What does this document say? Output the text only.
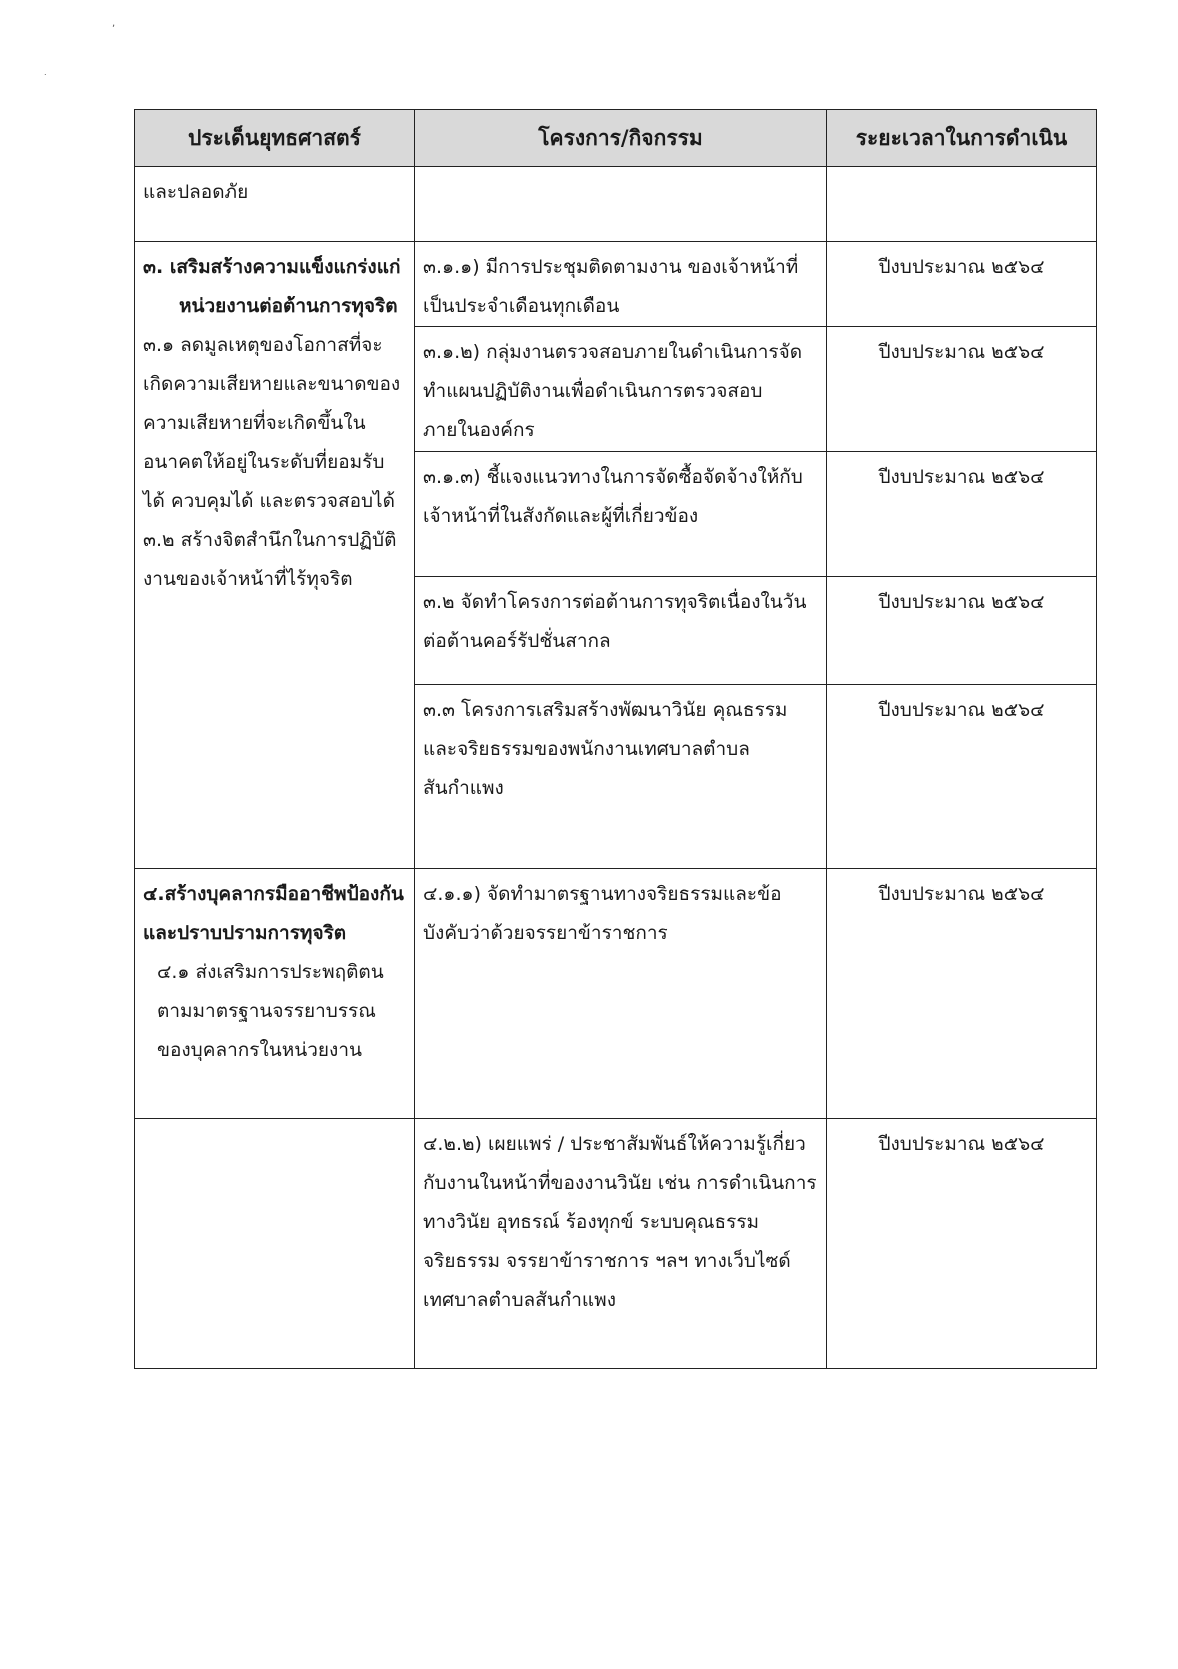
,
.
ประเด็นยุทธศาสตร์	โครงการ/กิจกรรม	ระยะเวลาในการดำเนิน
และปลอดภัย		

๓. เสริมสร้างความแข็งแกร่งแก่หน่วยงานต่อต้านการทุจริต
๓.๑ ลดมูลเหตุของโอกาสที่จะเกิดความเสียหายและขนาดของความเสียหายที่จะเกิดขึ้นในอนาคตให้อยู่ในระดับที่ยอมรับได้ ควบคุมได้ และตรวจสอบได้
๓.๒ สร้างจิตสำนึกในการปฏิบัติงานของเจ้าหน้าที่ไร้ทุจริต	๓.๑.๑) มีการประชุมติดตามงาน ของเจ้าหน้าที่เป็นประจำเดือนทุกเดือน	ปีงบประมาณ ๒๕๖๔
	๓.๑.๒) กลุ่มงานตรวจสอบภายในดำเนินการจัดทำแผนปฏิบัติงานเพื่อดำเนินการตรวจสอบภายในองค์กร	ปีงบประมาณ ๒๕๖๔
	๓.๑.๓) ชี้แจงแนวทางในการจัดซื้อจัดจ้างให้กับเจ้าหน้าที่ในสังกัดและผู้ที่เกี่ยวข้อง	ปีงบประมาณ ๒๕๖๔
	๓.๒ จัดทำโครงการต่อต้านการทุจริตเนื่องในวันต่อต้านคอร์รัปชั่นสากล	ปีงบประมาณ ๒๕๖๔
	๓.๓ โครงการเสริมสร้างพัฒนาวินัย คุณธรรมและจริยธรรมของพนักงานเทศบาลตำบลสันกำแพง	ปีงบประมาณ ๒๕๖๔

๔.สร้างบุคลากรมืออาชีพป้องกันและปราบปรามการทุจริต
๔.๑ ส่งเสริมการประพฤติตนตามมาตรฐานจรรยาบรรณของบุคลากรในหน่วยงาน	๔.๑.๑) จัดทำมาตรฐานทางจริยธรรมและข้อบังคับว่าด้วยจรรยาข้าราชการ	ปีงบประมาณ ๒๕๖๔
	๔.๒.๒) เผยแพร่ / ประชาสัมพันธ์ให้ความรู้เกี่ยวกับงานในหน้าที่ของงานวินัย เช่น การดำเนินการทางวินัย อุทธรณ์ ร้องทุกข์ ระบบคุณธรรม จริยธรรม จรรยาข้าราชการ ฯลฯ ทางเว็บไซด์ เทศบาลตำบลสันกำแพง	ปีงบประมาณ ๒๕๖๔
